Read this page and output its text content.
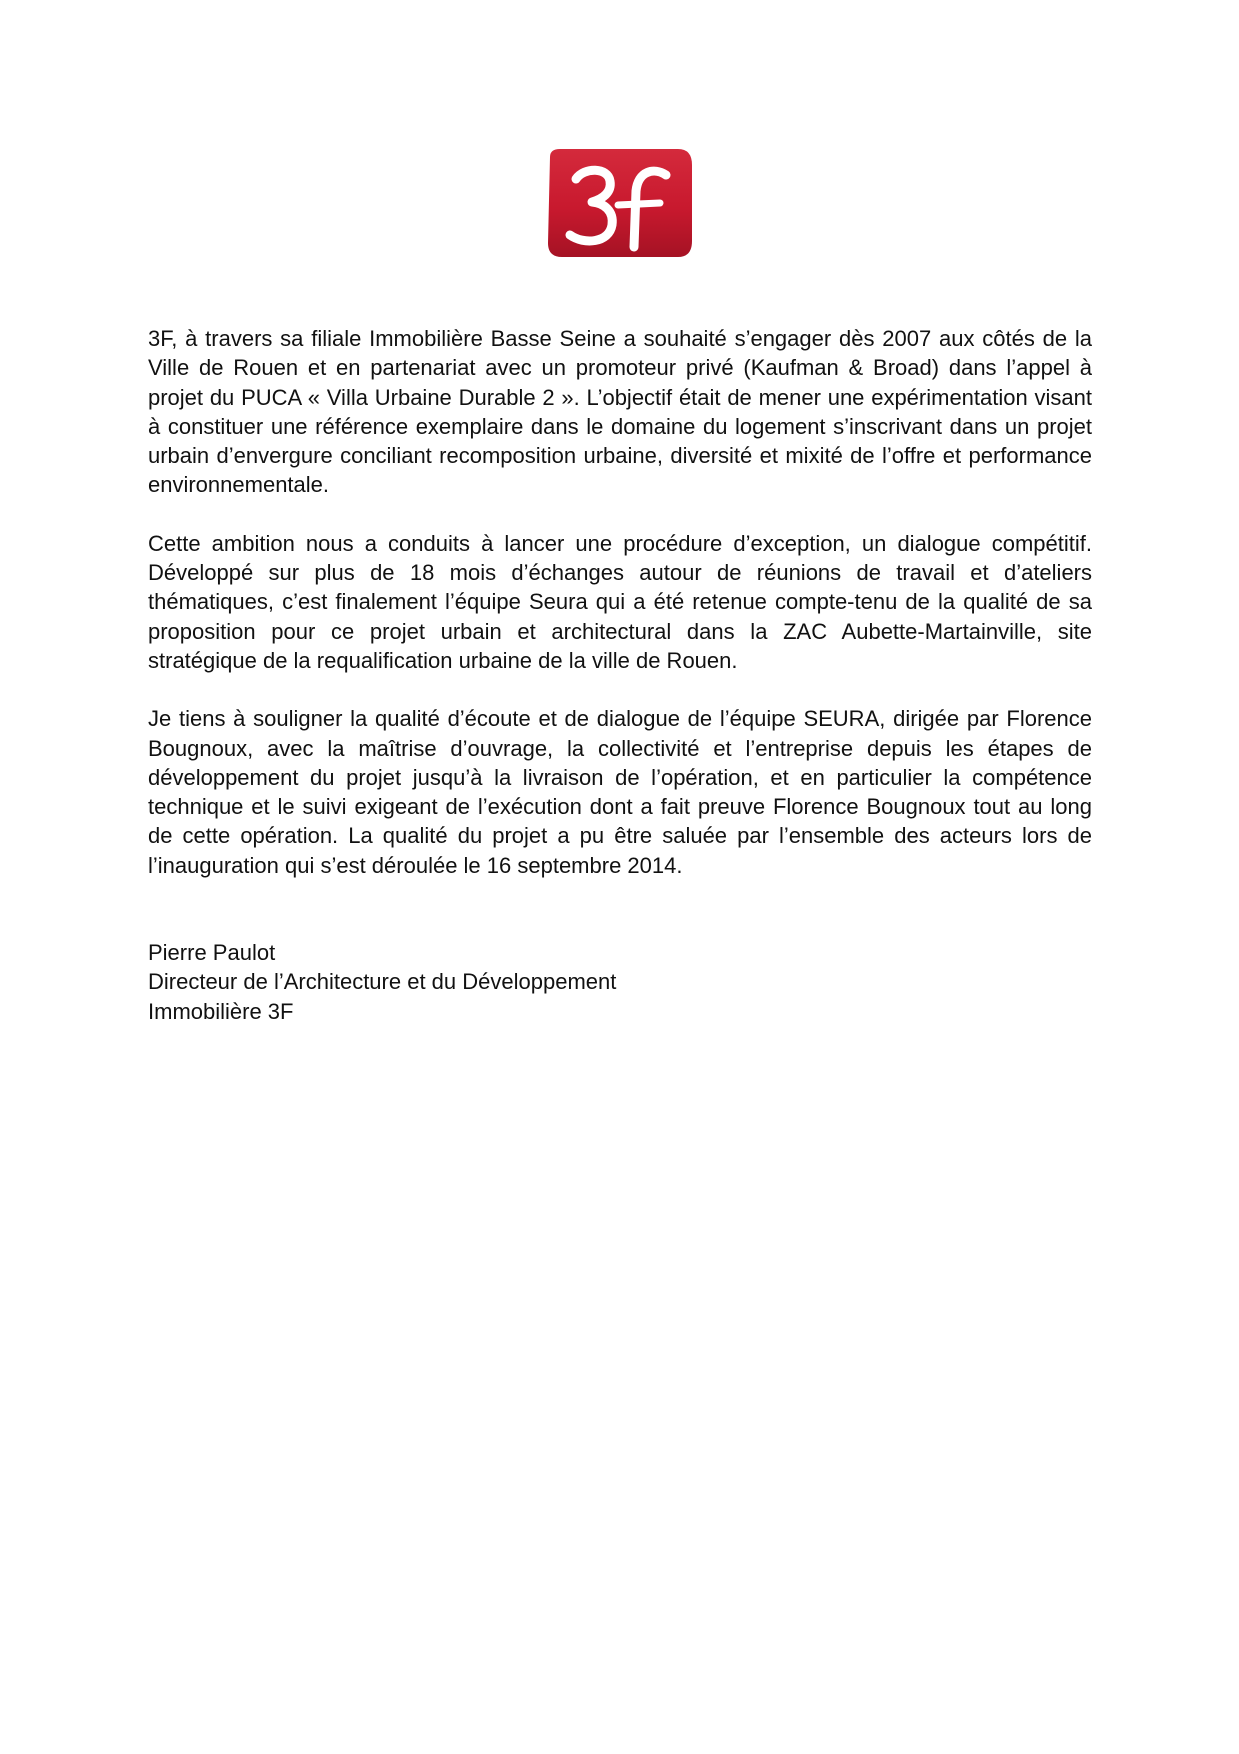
3F, à travers sa filiale Immobilière Basse Seine a souhaité s’engager dès 2007 aux côtés de la Ville de Rouen et en partenariat avec un promoteur privé (Kaufman & Broad) dans l’appel à projet du PUCA « Villa Urbaine Durable 2 ». L’objectif était de mener une expérimentation visant à constituer une référence exemplaire dans le domaine du logement s’inscrivant dans un projet urbain d’envergure conciliant recomposition urbaine, diversité et mixité de l’offre et performance environnementale.

Cette ambition nous a conduits à lancer une procédure d’exception, un dialogue compétitif. Développé sur plus de 18 mois d’échanges autour de réunions de travail et d’ateliers thématiques, c’est finalement l’équipe Seura qui a été retenue compte-tenu de la qualité de sa proposition pour ce projet urbain et architectural dans la ZAC Aubette-Martainville, site stratégique de la requalification urbaine de la ville de Rouen.

Je tiens à souligner la qualité d’écoute et de dialogue de l’équipe SEURA, dirigée par Florence Bougnoux, avec la maîtrise d’ouvrage, la collectivité et l’entreprise depuis les étapes de développement du projet jusqu’à la livraison de l’opération, et en particulier la compétence technique et le suivi exigeant de l’exécution dont a fait preuve Florence Bougnoux tout au long de cette opération. La qualité du projet a pu être saluée par l’ensemble des acteurs lors de l’inauguration qui s’est déroulée le 16 septembre 2014.

Pierre Paulot
Directeur de l’Architecture et du Développement
Immobilière 3F
